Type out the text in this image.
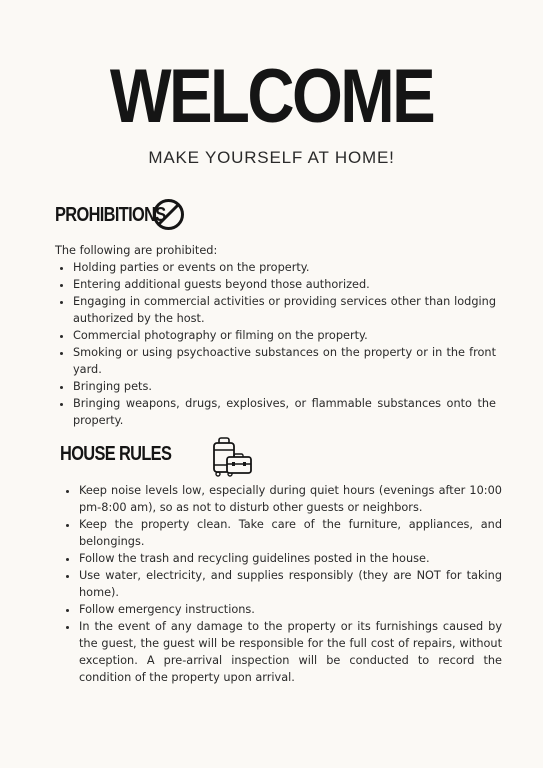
WELCOME
MAKE YOURSELF AT HOME!
PROHIBITIONS
The following are prohibited:
• Holding parties or events on the property.
• Entering additional guests beyond those authorized.
• Engaging in commercial activities or providing services other than lodging authorized by the host.
• Commercial photography or filming on the property.
• Smoking or using psychoactive substances on the property or in the front yard.
• Bringing pets.
• Bringing weapons, drugs, explosives, or flammable substances onto the property.
HOUSE RULES
• Keep noise levels low, especially during quiet hours (evenings after 10:00 pm-8:00 am), so as not to disturb other guests or neighbors.
• Keep the property clean. Take care of the furniture, appliances, and belongings.
• Follow the trash and recycling guidelines posted in the house.
• Use water, electricity, and supplies responsibly (they are NOT for taking home).
• Follow emergency instructions.
• In the event of any damage to the property or its furnishings caused by the guest, the guest will be responsible for the full cost of repairs, without exception. A pre-arrival inspection will be conducted to record the condition of the property upon arrival.
